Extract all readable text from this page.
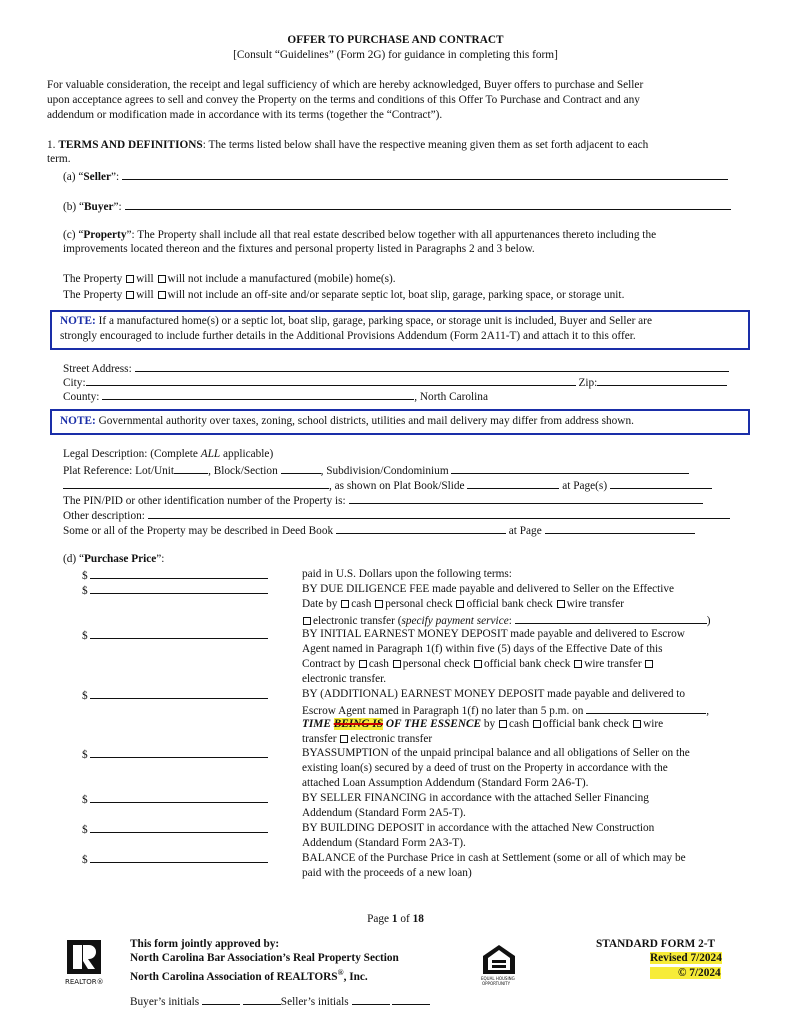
OFFER TO PURCHASE AND CONTRACT
[Consult “Guidelines” (Form 2G) for guidance in completing this form]
For valuable consideration, the receipt and legal sufficiency of which are hereby acknowledged, Buyer offers to purchase and Seller
upon acceptance agrees to sell and convey the Property on the terms and conditions of this Offer To Purchase and Contract and any
addendum or modification made in accordance with its terms (together the “Contract”).
1. TERMS AND DEFINITIONS: The terms listed below shall have the respective meaning given them as set forth adjacent to each
term.
(a) “Seller”:
(b) “Buyer”:
(c) “Property”: The Property shall include all that real estate described below together with all appurtenances thereto including the
improvements located thereon and the fixtures and personal property listed in Paragraphs 2 and 3 below.
The Property will will not include a manufactured (mobile) home(s).
The Property will will not include an off-site and/or separate septic lot, boat slip, garage, parking space, or storage unit.
NOTE: If a manufactured home(s) or a septic lot, boat slip, garage, parking space, or storage unit is included, Buyer and Seller are
strongly encouraged to include further details in the Additional Provisions Addendum (Form 2A11-T) and attach it to this offer.
Street Address:
City:	Zip:
County:	, North Carolina
NOTE: Governmental authority over taxes, zoning, school districts, utilities and mail delivery may differ from address shown.
Legal Description: (Complete ALL applicable)
Plat Reference: Lot/Unit	, Block/Section	, Subdivision/Condominium
, as shown on Plat Book/Slide	at Page(s)
The PIN/PID or other identification number of the Property is:
Other description:
Some or all of the Property may be described in Deed Book	at Page
(d) “Purchase Price”:
$	paid in U.S. Dollars upon the following terms:
$	BY DUE DILIGENCE FEE made payable and delivered to Seller on the Effective
Date by cash personal check official bank check wire transfer
electronic transfer (specify payment service:	)
$	BY INITIAL EARNEST MONEY DEPOSIT made payable and delivered to Escrow
Agent named in Paragraph 1(f) within five (5) days of the Effective Date of this
Contract by cash personal check official bank check wire transfer
electronic transfer.
$	BY (ADDITIONAL) EARNEST MONEY DEPOSIT made payable and delivered to
Escrow Agent named in Paragraph 1(f) no later than 5 p.m. on	,
TIME BEING IS OF THE ESSENCE by cash official bank check wire
transfer electronic transfer
$	BYASSUMPTION of the unpaid principal balance and all obligations of Seller on the
existing loan(s) secured by a deed of trust on the Property in accordance with the
attached Loan Assumption Addendum (Standard Form 2A6-T).
$	BY SELLER FINANCING in accordance with the attached Seller Financing
Addendum (Standard Form 2A5-T).
$	BY BUILDING DEPOSIT in accordance with the attached New Construction
Addendum (Standard Form 2A3-T).
$	BALANCE of the Purchase Price in cash at Settlement (some or all of which may be
paid with the proceeds of a new loan)
Page 1 of 18
REALTOR®
This form jointly approved by:
North Carolina Bar Association’s Real Property Section
North Carolina Association of REALTORS®, Inc.	EQUAL HOUSING
OPPORTUNITY
STANDARD FORM 2-T
Revised 7/2024
© 7/2024
Buyer’s initials	Seller’s initials
